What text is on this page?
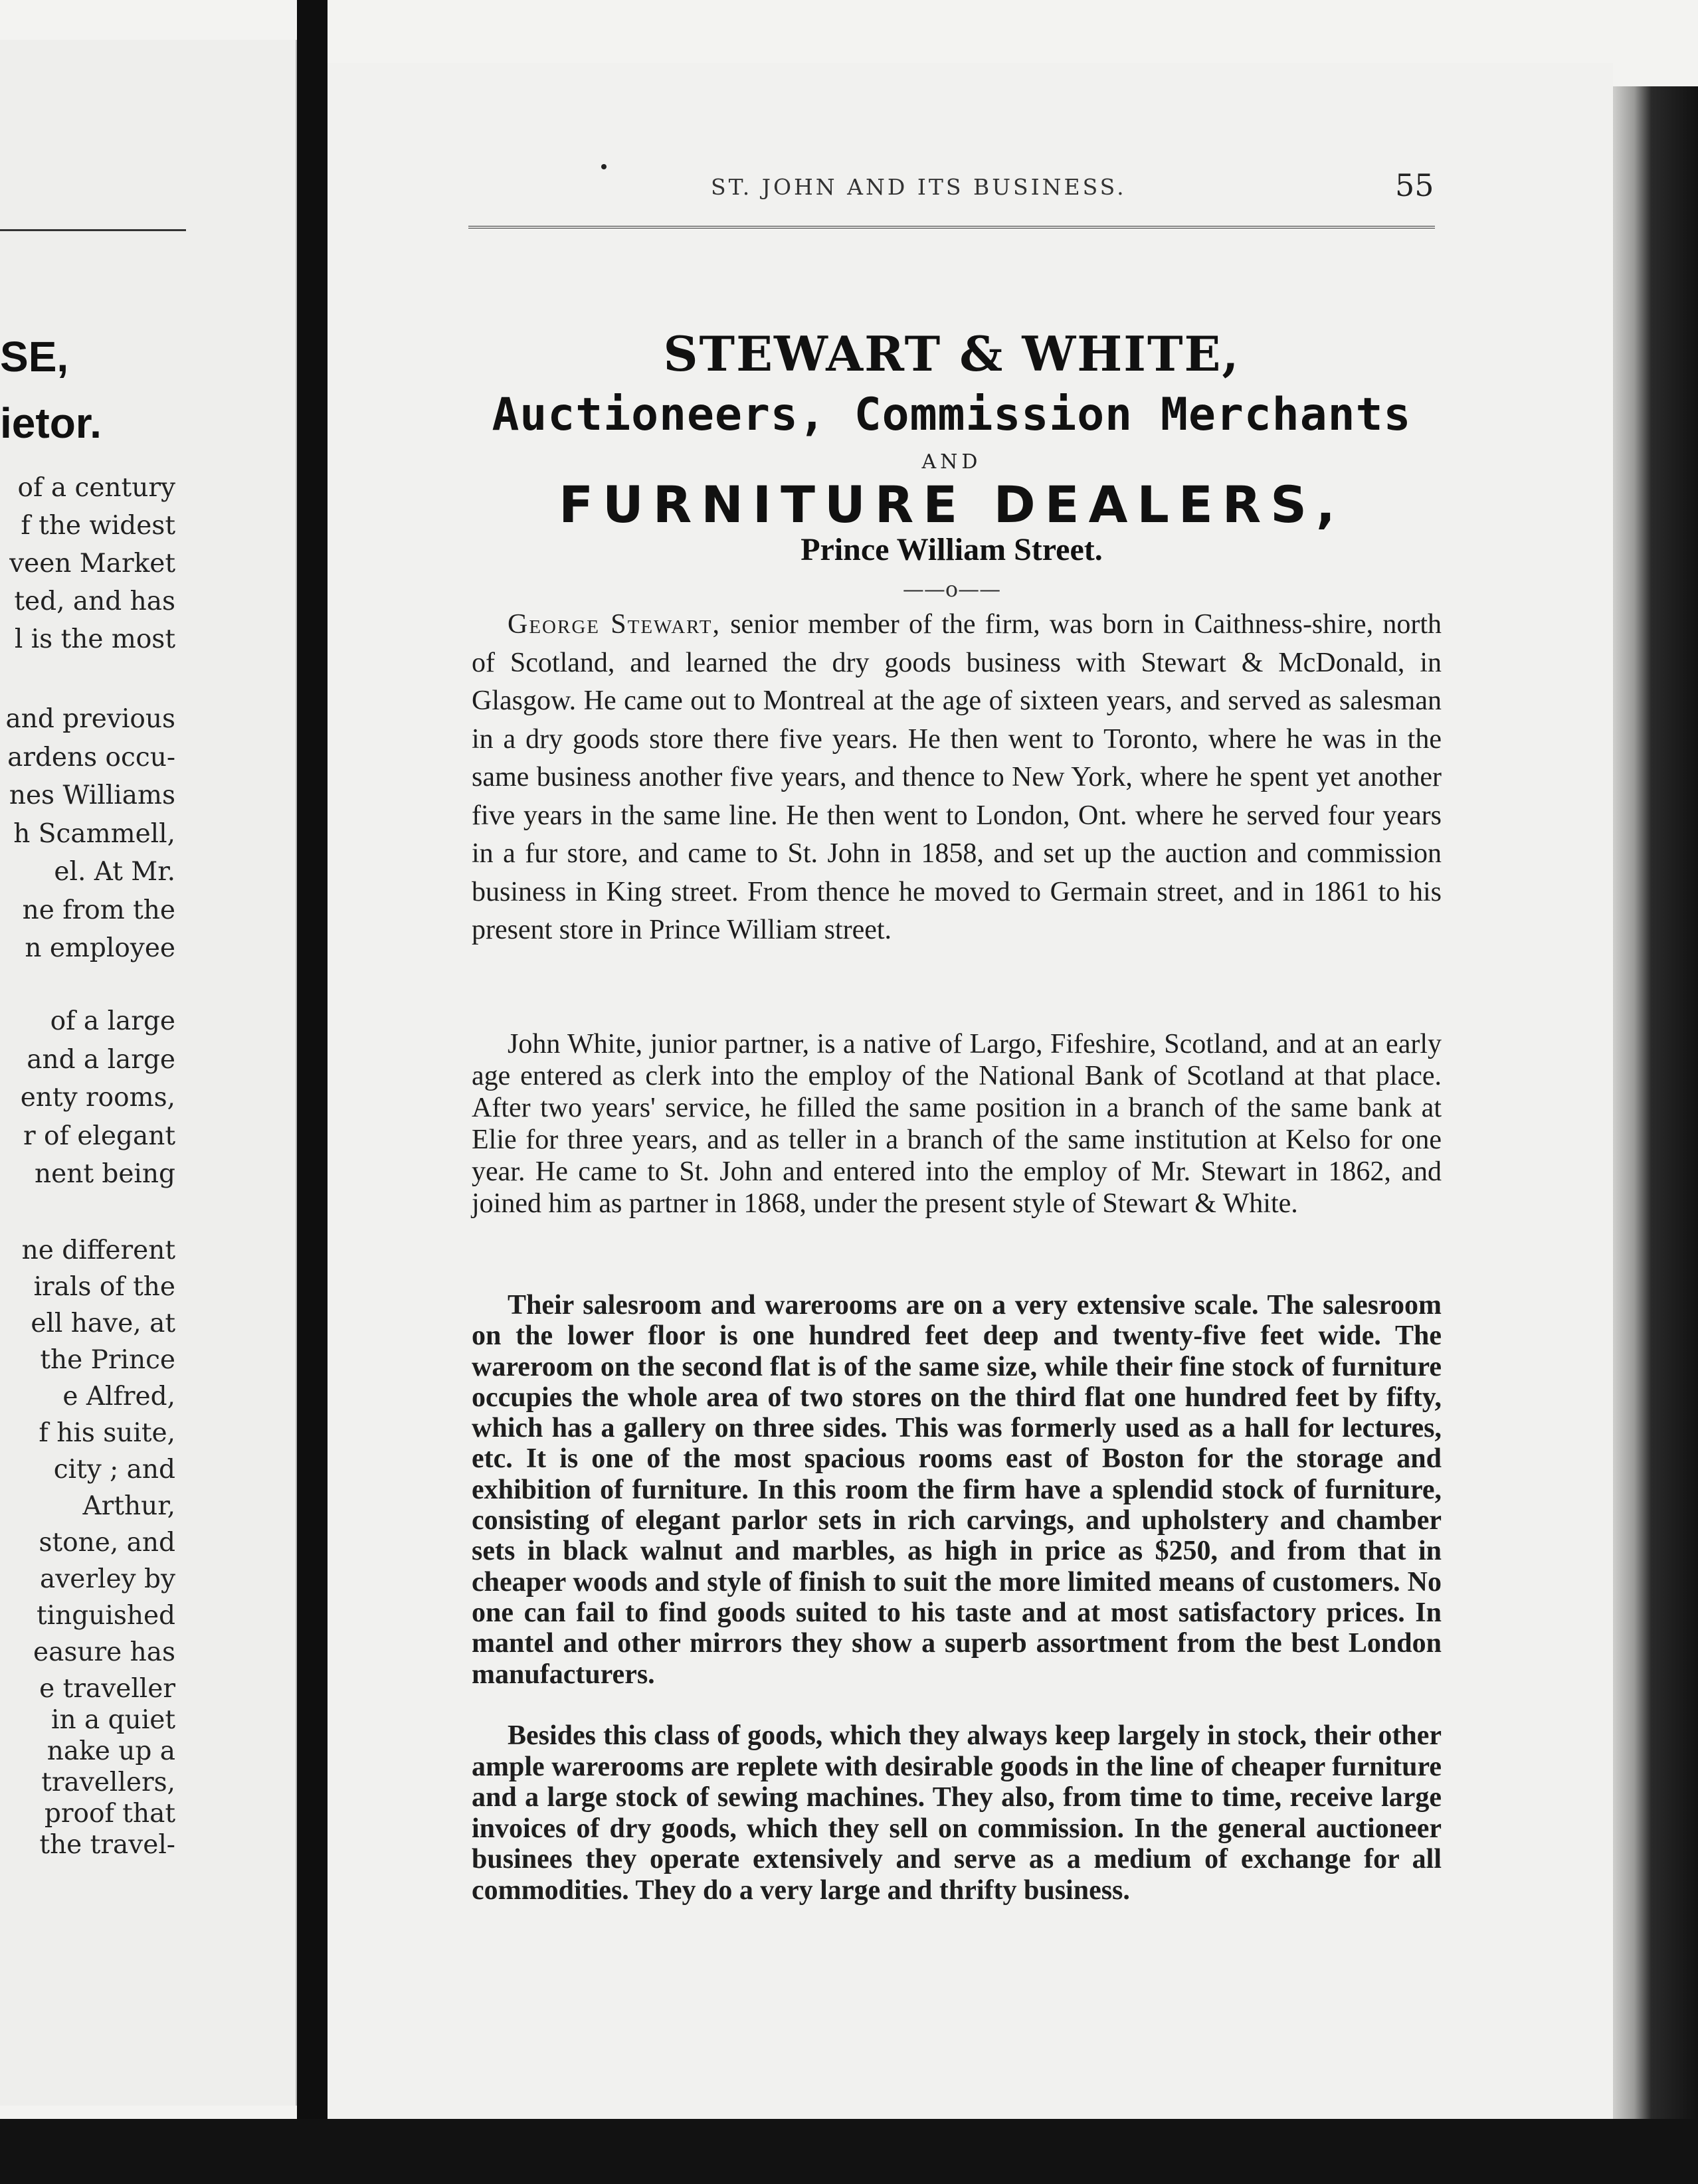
SE,
ietor.
of a century
f the widest
veen Market
ted, and has
l is the most
and previous
ardens occu-
nes Williams
h Scammell,
el. At Mr.
ne from the
n employee
of a large
and a large
enty rooms,
r of elegant
nent being
ne different
irals of the
ell have, at
the Prince
e Alfred,
f his suite,
city ; and
Arthur,
stone, and
averley by
tinguished
easure has
e traveller
in a quiet
nake up a
travellers,
proof that
the travel-
ST. JOHN AND ITS BUSINESS.	55
STEWART & WHITE,
Auctioneers, Commission Merchants
AND
FURNITURE DEALERS,
Prince William Street.
——o——

George Stewart, senior member of the firm, was born in Caithness-shire, north of Scotland, and learned the dry goods business with Stewart & McDonald, in Glasgow. He came out to Montreal at the age of sixteen years, and served as salesman in a dry goods store there five years. He then went to Toronto, where he was in the same business another five years, and thence to New York, where he spent yet another five years in the same line. He then went to London, Ont. where he served four years in a fur store, and came to St. John in 1858, and set up the auction and commission business in King street. From thence he moved to Germain street, and in 1861 to his present store in Prince William street.

John White, junior partner, is a native of Largo, Fifeshire, Scotland, and at an early age entered as clerk into the employ of the National Bank of Scotland at that place. After two years' service, he filled the same position in a branch of the same bank at Elie for three years, and as teller in a branch of the same institution at Kelso for one year. He came to St. John and entered into the employ of Mr. Stewart in 1862, and joined him as partner in 1868, under the present style of Stewart & White.

Their salesroom and warerooms are on a very extensive scale. The salesroom on the lower floor is one hundred feet deep and twenty-five feet wide. The wareroom on the second flat is of the same size, while their fine stock of furniture occupies the whole area of two stores on the third flat one hundred feet by fifty, which has a gallery on three sides. This was formerly used as a hall for lectures, etc. It is one of the most spacious rooms east of Boston for the storage and exhibition of furniture. In this room the firm have a splendid stock of furniture, consisting of elegant parlor sets in rich carvings, and upholstery and chamber sets in black walnut and marbles, as high in price as $250, and from that in cheaper woods and style of finish to suit the more limited means of customers. No one can fail to find goods suited to his taste and at most satisfactory prices. In mantel and other mirrors they show a superb assortment from the best London manufacturers.

Besides this class of goods, which they always keep largely in stock, their other ample warerooms are replete with desirable goods in the line of cheaper furniture and a large stock of sewing machines. They also, from time to time, receive large invoices of dry goods, which they sell on commission. In the general auctioneer businees they operate extensively and serve as a medium of exchange for all commodities. They do a very large and thrifty business.
